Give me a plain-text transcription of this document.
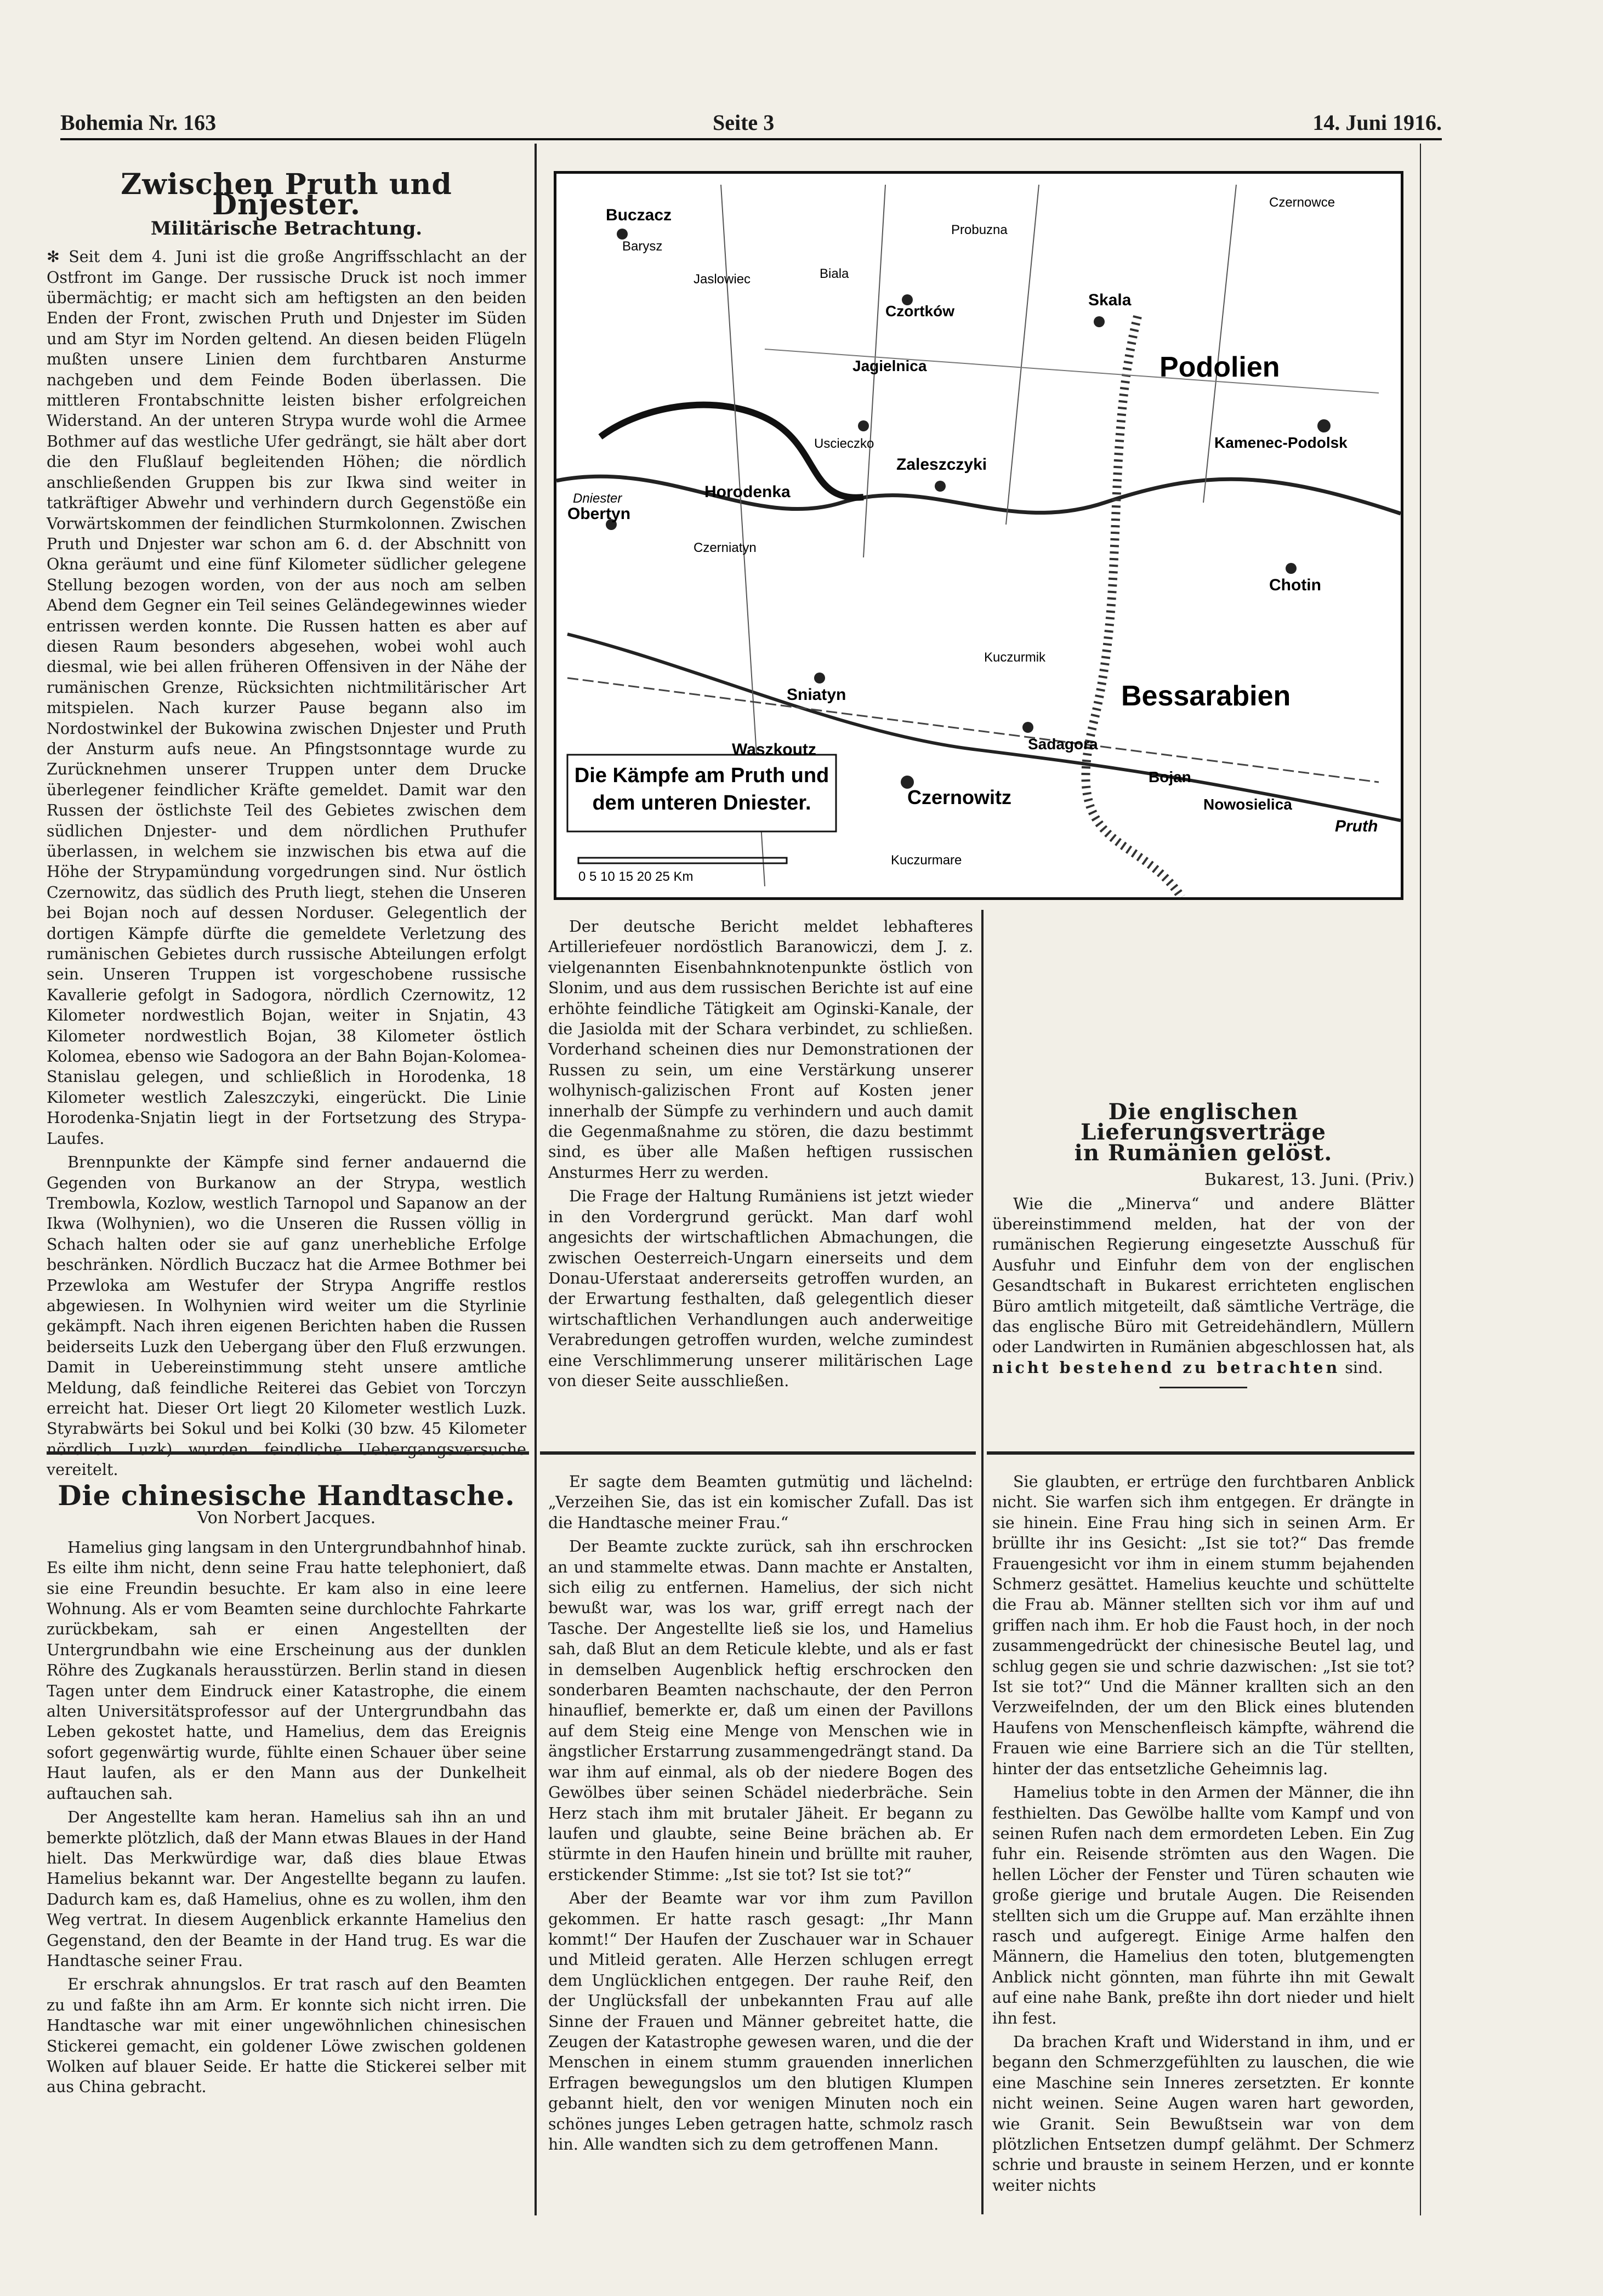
Bohemia Nr. 163	Seite 3	14. Juni 1916.
Zwischen Pruth und Dnjester.
Militärische Betrachtung.

✻ Seit dem 4. Juni ist die große Angriffsschlacht an der Ostfront im Gange. Der russische Druck ist noch immer übermächtig; er macht sich am heftigsten an den beiden Enden der Front, zwischen Pruth und Dnjester im Süden und am Styr im Norden geltend. An diesen beiden Flügeln mußten unsere Linien dem furchtbaren Ansturme nachgeben und dem Feinde Boden überlassen. Die mittleren Frontabschnitte leisten bisher erfolgreichen Widerstand. An der unteren Strypa wurde wohl die Armee Bothmer auf das westliche Ufer gedrängt, sie hält aber dort die den Flußlauf begleitenden Höhen; die nördlich anschließenden Gruppen bis zur Ikwa sind weiter in tatkräftiger Abwehr und verhindern durch Gegenstöße ein Vorwärtskommen der feindlichen Sturmkolonnen. Zwischen Pruth und Dnjester war schon am 6. d. der Abschnitt von Okna geräumt und eine fünf Kilometer südlicher gelegene Stellung bezogen worden, von der aus noch am selben Abend dem Gegner ein Teil seines Geländegewinnes wieder entrissen werden konnte. Die Russen hatten es aber auf diesen Raum besonders abgesehen, wobei wohl auch diesmal, wie bei allen früheren Offensiven in der Nähe der rumänischen Grenze, Rücksichten nichtmilitärischer Art mitspielen. Nach kurzer Pause begann also im Nordostwinkel der Bukowina zwischen Dnjester und Pruth der Ansturm aufs neue. An Pfingstsonntage wurde zu Zurücknehmen unserer Truppen unter dem Drucke überlegener feindlicher Kräfte gemeldet. Damit war den Russen der östlichste Teil des Gebietes zwischen dem südlichen Dnjester- und dem nördlichen Pruthufer überlassen, in welchem sie inzwischen bis etwa auf die Höhe der Strypamündung vorgedrungen sind. Nur östlich Czernowitz, das südlich des Pruth liegt, stehen die Unseren bei Bojan noch auf dessen Norduser. Gelegentlich der dortigen Kämpfe dürfte die gemeldete Verletzung des rumänischen Gebietes durch russische Abteilungen erfolgt sein. Unseren Truppen ist vorgeschobene russische Kavallerie gefolgt in Sadogora, nördlich Czernowitz, 12 Kilometer nordwestlich Bojan, weiter in Snjatin, 43 Kilometer nordwestlich Bojan, 38 Kilometer östlich Kolomea, ebenso wie Sadogora an der Bahn Bojan-Kolomea-Stanislau gelegen, und schließlich in Horodenka, 18 Kilometer westlich Zaleszczyki, eingerückt. Die Linie Horodenka-Snjatin liegt in der Fortsetzung des Strypa-Laufes.

Brennpunkte der Kämpfe sind ferner andauernd die Gegenden von Burkanow an der Strypa, westlich Trembowla, Kozlow, westlich Tarnopol und Sapanow an der Ikwa (Wolhynien), wo die Unseren die Russen völlig in Schach halten oder sie auf ganz unerhebliche Erfolge beschränken. Nördlich Buczacz hat die Armee Bothmer bei Przewloka am Westufer der Strypa Angriffe restlos abgewiesen. In Wolhynien wird weiter um die Styrlinie gekämpft. Nach ihren eigenen Berichten haben die Russen beiderseits Luzk den Uebergang über den Fluß erzwungen. Damit in Uebereinstimmung steht unsere amtliche Meldung, daß feindliche Reiterei das Gebiet von Torczyn erreicht hat. Dieser Ort liegt 20 Kilometer westlich Luzk. Styrabwärts bei Sokul und bei Kolki (30 bzw. 45 Kilometer nördlich Luzk) wurden feindliche Uebergangsversuche vereitelt.

Die Kämpfe am Pruth und
dem unteren Dniester.
0 5 10 15 20 25 Km
Buczacz
Barysz
Probuzna
Czernowce
Jaslowiec	Biala
Czortków
Skala
Podolien
Jagielnica
Uscieczko	Kamenec-Podolsk
Zaleszczyki
Horodenka
Obertyn
Chotin
Czerniatyn
Kuczurmik
Bessarabien
Sniatyn
Sadagora
Bojan
Waszkoutz
Czernowitz	Nowosielica
Kuczurmare
Dniester
Pruth

Der deutsche Bericht meldet lebhafteres Artilleriefeuer nordöstlich Baranowiczi, dem J. z. vielgenannten Eisenbahnknotenpunkte östlich von Slonim, und aus dem russischen Berichte ist auf eine erhöhte feindliche Tätigkeit am Oginski-Kanale, der die Jasiolda mit der Schara verbindet, zu schließen. Vorderhand scheinen dies nur Demonstrationen der Russen zu sein, um eine Verstärkung unserer wolhynisch-galizischen Front auf Kosten jener innerhalb der Sümpfe zu verhindern und auch damit die Gegenmaßnahme zu stören, die dazu bestimmt sind, es über alle Maßen heftigen russischen Ansturmes Herr zu werden.

Die Frage der Haltung Rumäniens ist jetzt wieder in den Vordergrund gerückt. Man darf wohl angesichts der wirtschaftlichen Abmachungen, die zwischen Oesterreich-Ungarn einerseits und dem Donau-Uferstaat andererseits getroffen wurden, an der Erwartung festhalten, daß gelegentlich dieser wirtschaftlichen Verhandlungen auch anderweitige Verabredungen getroffen wurden, welche zumindest eine Verschlimmerung unserer militärischen Lage von dieser Seite ausschließen.

Die englischen Lieferungsverträge
in Rumänien gelöst.
Bukarest, 13. Juni. (Priv.)

Wie die „Minerva“ und andere Blätter übereinstimmend melden, hat der von der rumänischen Regierung eingesetzte Ausschuß für Ausfuhr und Einfuhr dem von der englischen Gesandtschaft in Bukarest errichteten englischen Büro amtlich mitgeteilt, daß sämtliche Verträge, die das englische Büro mit Getreidehändlern, Müllern oder Landwirten in Rumänien abgeschlossen hat, als nicht bestehend zu betrachten sind.

Die chinesische Handtasche.
Von Norbert Jacques.

Hamelius ging langsam in den Untergrundbahnhof hinab. Es eilte ihm nicht, denn seine Frau hatte telephoniert, daß sie eine Freundin besuchte. Er kam also in eine leere Wohnung. Als er vom Beamten seine durchlochte Fahrkarte zurückbekam, sah er einen Angestellten der Untergrundbahn wie eine Erscheinung aus der dunklen Röhre des Zugkanals herausstürzen. Berlin stand in diesen Tagen unter dem Eindruck einer Katastrophe, die einem alten Universitätsprofessor auf der Untergrundbahn das Leben gekostet hatte, und Hamelius, dem das Ereignis sofort gegenwärtig wurde, fühlte einen Schauer über seine Haut laufen, als er den Mann aus der Dunkelheit auftauchen sah.

Der Angestellte kam heran. Hamelius sah ihn an und bemerkte plötzlich, daß der Mann etwas Blaues in der Hand hielt. Das Merkwürdige war, daß dies blaue Etwas Hamelius bekannt war. Der Angestellte begann zu laufen. Dadurch kam es, daß Hamelius, ohne es zu wollen, ihm den Weg vertrat. In diesem Augenblick erkannte Hamelius den Gegenstand, den der Beamte in der Hand trug. Es war die Handtasche seiner Frau.

Er erschrak ahnungslos. Er trat rasch auf den Beamten zu und faßte ihn am Arm. Er konnte sich nicht irren. Die Handtasche war mit einer ungewöhnlichen chinesischen Stickerei gemacht, ein goldener Löwe zwischen goldenen Wolken auf blauer Seide. Er hatte die Stickerei selber mit aus China gebracht.

Er sagte dem Beamten gutmütig und lächelnd: „Verzeihen Sie, das ist ein komischer Zufall. Das ist die Handtasche meiner Frau.“

Der Beamte zuckte zurück, sah ihn erschrocken an und stammelte etwas. Dann machte er Anstalten, sich eilig zu entfernen. Hamelius, der sich nicht bewußt war, was los war, griff erregt nach der Tasche. Der Angestellte ließ sie los, und Hamelius sah, daß Blut an dem Reticule klebte, und als er fast in demselben Augenblick heftig erschrocken den sonderbaren Beamten nachschaute, der den Perron hinauflief, bemerkte er, daß um einen der Pavillons auf dem Steig eine Menge von Menschen wie in ängstlicher Erstarrung zusammengedrängt stand. Da war ihm auf einmal, als ob der niedere Bogen des Gewölbes über seinen Schädel niederbräche. Sein Herz stach ihm mit brutaler Jäheit. Er begann zu laufen und glaubte, seine Beine brächen ab. Er stürmte in den Haufen hinein und brüllte mit rauher, erstickender Stimme: „Ist sie tot? Ist sie tot?“

Aber der Beamte war vor ihm zum Pavillon gekommen. Er hatte rasch gesagt: „Ihr Mann kommt!“ Der Haufen der Zuschauer war in Schauer und Mitleid geraten. Alle Herzen schlugen erregt dem Unglücklichen entgegen. Der rauhe Reif, den der Unglücksfall der unbekannten Frau auf alle Sinne der Frauen und Männer gebreitet hatte, die Zeugen der Katastrophe gewesen waren, und die der Menschen in einem stumm grauenden innerlichen Erfragen bewegungslos um den blutigen Klumpen gebannt hielt, den vor wenigen Minuten noch ein schönes junges Leben getragen hatte, schmolz rasch hin. Alle wandten sich zu dem getroffenen Mann.

Sie glaubten, er ertrüge den furchtbaren Anblick nicht. Sie warfen sich ihm entgegen. Er drängte in sie hinein. Eine Frau hing sich in seinen Arm. Er brüllte ihr ins Gesicht: „Ist sie tot?“ Das fremde Frauengesicht vor ihm in einem stumm bejahenden Schmerz gesättet. Hamelius keuchte und schüttelte die Frau ab. Männer stellten sich vor ihm auf und griffen nach ihm. Er hob die Faust hoch, in der noch zusammengedrückt der chinesische Beutel lag, und schlug gegen sie und schrie dazwischen: „Ist sie tot? Ist sie tot?“ Und die Männer krallten sich an den Verzweifelnden, der um den Blick eines blutenden Haufens von Menschenfleisch kämpfte, während die Frauen wie eine Barriere sich an die Tür stellten, hinter der das entsetzliche Geheimnis lag.

Hamelius tobte in den Armen der Männer, die ihn festhielten. Das Gewölbe hallte vom Kampf und von seinen Rufen nach dem ermordeten Leben. Ein Zug fuhr ein. Reisende strömten aus den Wagen. Die hellen Löcher der Fenster und Türen schauten wie große gierige und brutale Augen. Die Reisenden stellten sich um die Gruppe auf. Man erzählte ihnen rasch und aufgeregt. Einige Arme halfen den Männern, die Hamelius den toten, blutgemengten Anblick nicht gönnten, man führte ihn mit Gewalt auf eine nahe Bank, preßte ihn dort nieder und hielt ihn fest.

Da brachen Kraft und Widerstand in ihm, und er begann den Schmerzgefühlten zu lauschen, die wie eine Maschine sein Inneres zersetzten. Er konnte nicht weinen. Seine Augen waren hart geworden, wie Granit. Sein Bewußtsein war von dem plötzlichen Entsetzen dumpf gelähmt. Der Schmerz schrie und brauste in seinem Herzen, und er konnte weiter nichts
